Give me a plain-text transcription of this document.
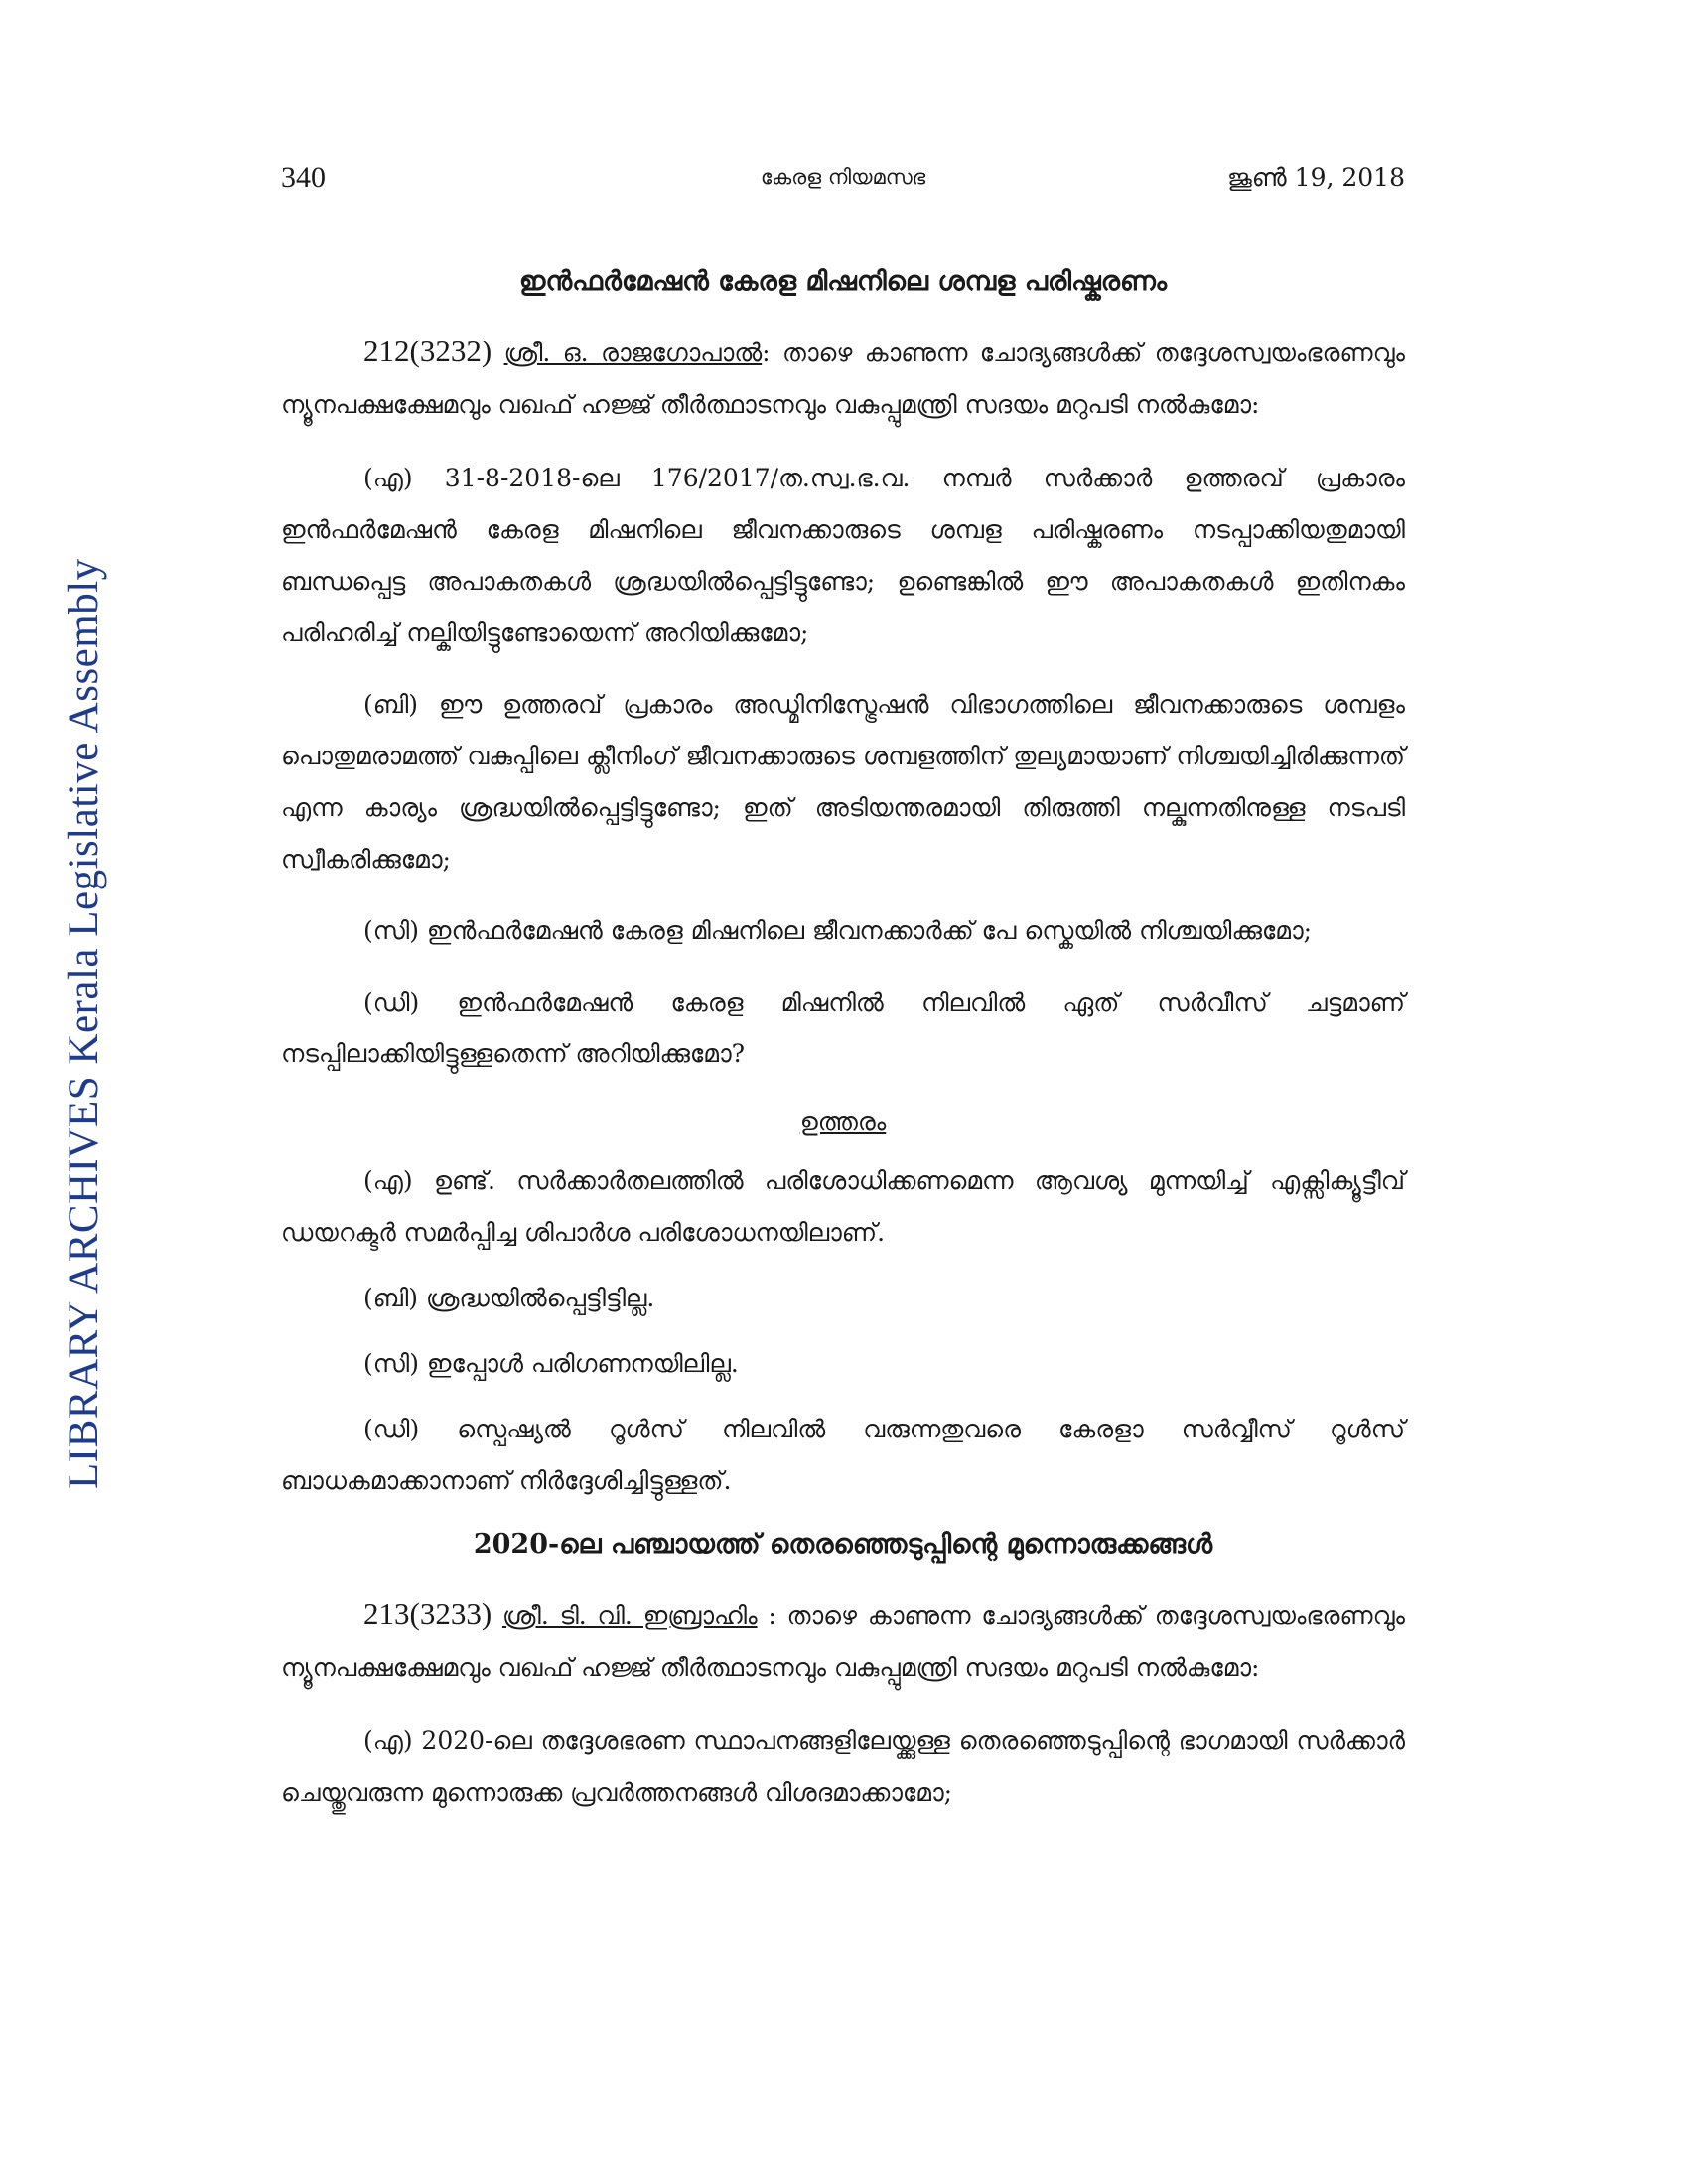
LIBRARY ARCHIVES Kerala Legislative Assembly
340	കേരള നിയമസഭ	ജൂൺ 19, 2018
ഇൻഫർമേഷൻ കേരള മിഷനിലെ ശമ്പള പരിഷ്കരണം

212(3232) ശ്രീ. ഒ. രാജഗോപാൽ: താഴെ കാണുന്ന ചോദ്യങ്ങൾക്ക് തദ്ദേശസ്വയംഭരണവും ന്യൂനപക്ഷക്ഷേമവും വഖഫ് ഹജ്ജ് തീർത്ഥാടനവും വകുപ്പുമന്ത്രി സദയം മറുപടി നൽകുമോ:

(എ) 31-8-2018-ലെ 176/2017/ത.സ്വ.ഭ.വ. നമ്പർ സർക്കാർ ഉത്തരവ് പ്രകാരം ഇൻഫർമേഷൻ കേരള മിഷനിലെ ജീവനക്കാരുടെ ശമ്പള പരിഷ്കരണം നടപ്പാക്കിയതുമായി ബന്ധപ്പെട്ട അപാകതകൾ ശ്രദ്ധയിൽപ്പെട്ടിട്ടുണ്ടോ; ഉണ്ടെങ്കിൽ ഈ അപാകതകൾ ഇതിനകം പരിഹരിച്ച് നല്കിയിട്ടുണ്ടോയെന്ന് അറിയിക്കുമോ;

(ബി) ഈ ഉത്തരവ് പ്രകാരം അഡ്മിനിസ്ട്രേഷൻ വിഭാഗത്തിലെ ജീവനക്കാരുടെ ശമ്പളം പൊതുമരാമത്ത് വകുപ്പിലെ ക്ലീനിംഗ് ജീവനക്കാരുടെ ശമ്പളത്തിന് തുല്യമായാണ് നിശ്ചയിച്ചിരിക്കുന്നത് എന്ന കാര്യം ശ്രദ്ധയിൽപ്പെട്ടിട്ടുണ്ടോ; ഇത് അടിയന്തരമായി തിരുത്തി നല്കുന്നതിനുള്ള നടപടി സ്വീകരിക്കുമോ;

(സി) ഇൻഫർമേഷൻ കേരള മിഷനിലെ ജീവനക്കാർക്ക് പേ സ്കെയിൽ നിശ്ചയിക്കുമോ;

(ഡി) ഇൻഫർമേഷൻ കേരള മിഷനിൽ നിലവിൽ ഏത് സർവീസ് ചട്ടമാണ് നടപ്പിലാക്കിയിട്ടുള്ളതെന്ന് അറിയിക്കുമോ?

ഉത്തരം

(എ) ഉണ്ട്. സർക്കാർതലത്തിൽ പരിശോധിക്കണമെന്ന ആവശ്യ മുന്നയിച്ച് എക്സിക്യൂട്ടീവ് ഡയറക്ടർ സമർപ്പിച്ച ശിപാർശ പരിശോധനയിലാണ്.

(ബി) ശ്രദ്ധയിൽപ്പെട്ടിട്ടില്ല.

(സി) ഇപ്പോൾ പരിഗണനയിലില്ല.

(ഡി) സ്പെഷ്യൽ റൂൾസ് നിലവിൽ വരുന്നതുവരെ കേരളാ സർവ്വീസ് റൂൾസ് ബാധകമാക്കാനാണ് നിർദ്ദേശിച്ചിട്ടുള്ളത്.

2020-ലെ പഞ്ചായത്ത് തെരഞ്ഞെടുപ്പിന്റെ മുന്നൊരുക്കങ്ങൾ

213(3233) ശ്രീ. ടി. വി. ഇബ്രാഹിം : താഴെ കാണുന്ന ചോദ്യങ്ങൾക്ക് തദ്ദേശസ്വയംഭരണവും ന്യൂനപക്ഷക്ഷേമവും വഖഫ് ഹജ്ജ് തീർത്ഥാടനവും വകുപ്പുമന്ത്രി സദയം മറുപടി നൽകുമോ:

(എ) 2020-ലെ തദ്ദേശഭരണ സ്ഥാപനങ്ങളിലേയ്ക്കുള്ള തെരഞ്ഞെടുപ്പിന്റെ ഭാഗമായി സർക്കാർ ചെയ്തുവരുന്ന മുന്നൊരുക്ക പ്രവർത്തനങ്ങൾ വിശദമാക്കാമോ;
